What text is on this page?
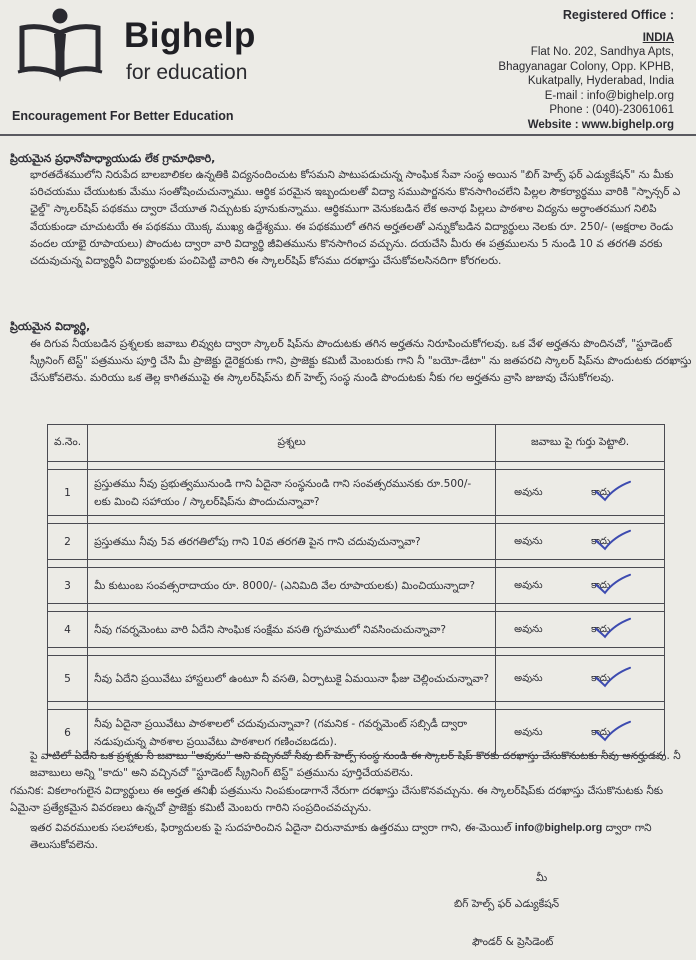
Bighelp
for education
Encouragement For Better Education
Registered Office :
INDIA
Flat No. 202, Sandhya Apts,
Bhagyanagar Colony, Opp. KPHB,
Kukatpally, Hyderabad, India
E-mail : info@bighelp.org
Phone : (040)-23061061
Website : www.bighelp.org
ప్రియమైన ప్రధానోపాధ్యాయుడు లేక గ్రామాధికారి,
భారతదేశములోని నిరుపేద బాలబాలికల ఉన్నతికి విద్యనందించుట కోసమని పాటుపడుచున్న సాంఘిక సేవా సంస్థ అయిన "బిగ్ హెల్ప్ ఫర్ ఎడ్యుకేషన్" ను మీకు పరిచయము చేయుటకు మేము సంతోషించుచున్నాము. ఆర్థిక పరమైన ఇబ్బందులతో విద్యా సముపార్జనను కొనసాగించలేని పిల్లల సౌకర్యార్థము వారికి "స్పాన్సర్ ఎ ఛైల్డ్" స్కాలర్‌షిప్ పథకము ద్వారా చేయూత నిచ్చుటకు పూనుకున్నాము. ఆర్థికముగా వెనుకబడిన లేక అనాథ పిల్లలు పాఠశాల విద్యను అర్ధాంతరముగ నిలిపి వేయకుండా చూచుటయే ఈ పథకము యొక్క ముఖ్య ఉద్దేశ్యము. ఈ పథకములో తగిన అర్హతలతో ఎన్నుకోబడిన విద్యార్థులు నెలకు రూ. 250/- (అక్షరాల రెండు వందల యాభై రూపాయలు) పొందుట ద్వారా వారి విద్యార్థి జీవితమును కొనసాగించ వచ్చును. దయచేసి మీరు ఈ పత్రములను 5 నుండి 10 వ తరగతి వరకు చదువుచున్న విద్యార్థినీ విద్యార్థులకు పంచిపెట్టి వారిని ఈ స్కాలర్‌షిప్ కోసము దరఖాస్తు చేసుకోవలసినదిగా కోరగలరు.
ప్రియమైన విద్యార్థి,
ఈ దిగువ నీయబడిన ప్రశ్నలకు జవాబు లివ్వుట ద్వారా స్కాలర్ షిప్‌ను పొందుటకు తగిన అర్హతను నిరూపించుకోగలవు. ఒక వేళ అర్హతను పొందినచో, "స్టూడెంట్ స్క్రీనింగ్ టెస్ట్" పత్రమును పూర్తి చేసి మీ ప్రాజెక్టు డైరెక్టరుకు గాని, ప్రాజెక్టు కమిటీ మెంబరుకు గాని నీ "బయో-డేటా" ను జతపరచి స్కాలర్ షిప్‌ను పొందుటకు దరఖాస్తు చేసుకోవలెను. మరియు ఒక తెల్ల కాగితముపై ఈ స్కాలర్‌షిప్‌ను బిగ్ హెల్ప్ సంస్థ నుండి పొందుటకు నీకు గల అర్హతను వ్రాసి జుజువు చేసుకోగలవు.
వ.నెం.	ప్రశ్నలు	జవాబు పై గుర్తు పెట్టాలి.

1	ప్రస్తుతము నీవు ప్రభుత్వమునుండి గాని ఏదైనా సంస్థనుండి గాని సంవత్సరమునకు రూ.500/- లకు మించి సహాయం / స్కాలర్‌షిప్‌ను పొందుచున్నావా?	అవును కాదు

2	ప్రస్తుతము నీవు 5వ తరగతిలోపు గాని 10వ తరగతి పైన గాని చదువుచున్నావా?	అవును కాదు

3	మీ కుటుంబ సంవత్సరాదాయం రూ. 8000/- (ఎనిమిది వేల రూపాయలకు) మించియున్నాదా?	అవును కాదు

4	నీవు గవర్నమెంటు వారి ఏదేని సాంఘిక సంక్షేమ వసతి గృహములో నివసించుచున్నావా?	అవును కాదు

5	నీవు ఏదేని ప్రయివేటు హాస్టలులో ఉంటూ నీ వసతి, ఏర్పాటుకై ఏమయినా ఫీజు చెల్లించుచున్నావా?	అవును కాదు

6	నీవు ఏదైనా ప్రయివేటు పాఠశాలలో చదువుచున్నావా? (గమనిక - గవర్నమెంట్ సబ్సిడీ ద్వారా నడుపుచున్న పాఠశాల ప్రయివేటు పాఠశాలగ గణించబడదు).	అవును కాదు
పై వాటిలో ఏదేని ఒక ప్రశ్నకు నీ జవాబు "అవును" అని వచ్చినచో నీవు బిగ్ హెల్ప్ సంస్థ నుండి ఈ స్కాలర్ షిప్ కొరకు దరఖాస్తు చేసుకొనుటకు నీవు అనర్హుడవు. నీ జవాబులు అన్ని "కాదు" అని వచ్చినచో "స్టూడెంట్ స్క్రీనింగ్ టెస్ట్" పత్రమును పూర్తిచేయవలెను.
గమనిక: వికలాంగులైన విద్యార్థులు ఈ అర్హత తనిఖీ పత్రమును నింపకుండాగానే నేరుగా దరఖాస్తు చేసుకొనవచ్చును. ఈ స్కాలర్‌షిప్‌కు దరఖాస్తు చేసుకొనుటకు నీకు ఏమైనా ప్రత్యేకమైన వివరణలు ఉన్నచో ప్రాజెక్టు కమిటీ మెంబరు గారిని సంప్రదించవచ్చును.
ఇతర వివరములకు సలహాలకు, ఫిర్యాదులకు పై సుదహరించిన ఏదైనా చిరునామాకు ఉత్తరము ద్వారా గాని, ఈ-మెయిల్ info@bighelp.org ద్వారా గాని తెలుసుకోవలెను.
మీ
బిగ్ హెల్ప్ ఫర్ ఎడ్యుకేషన్
ఫౌండర్ & ప్రెసిడెంట్
